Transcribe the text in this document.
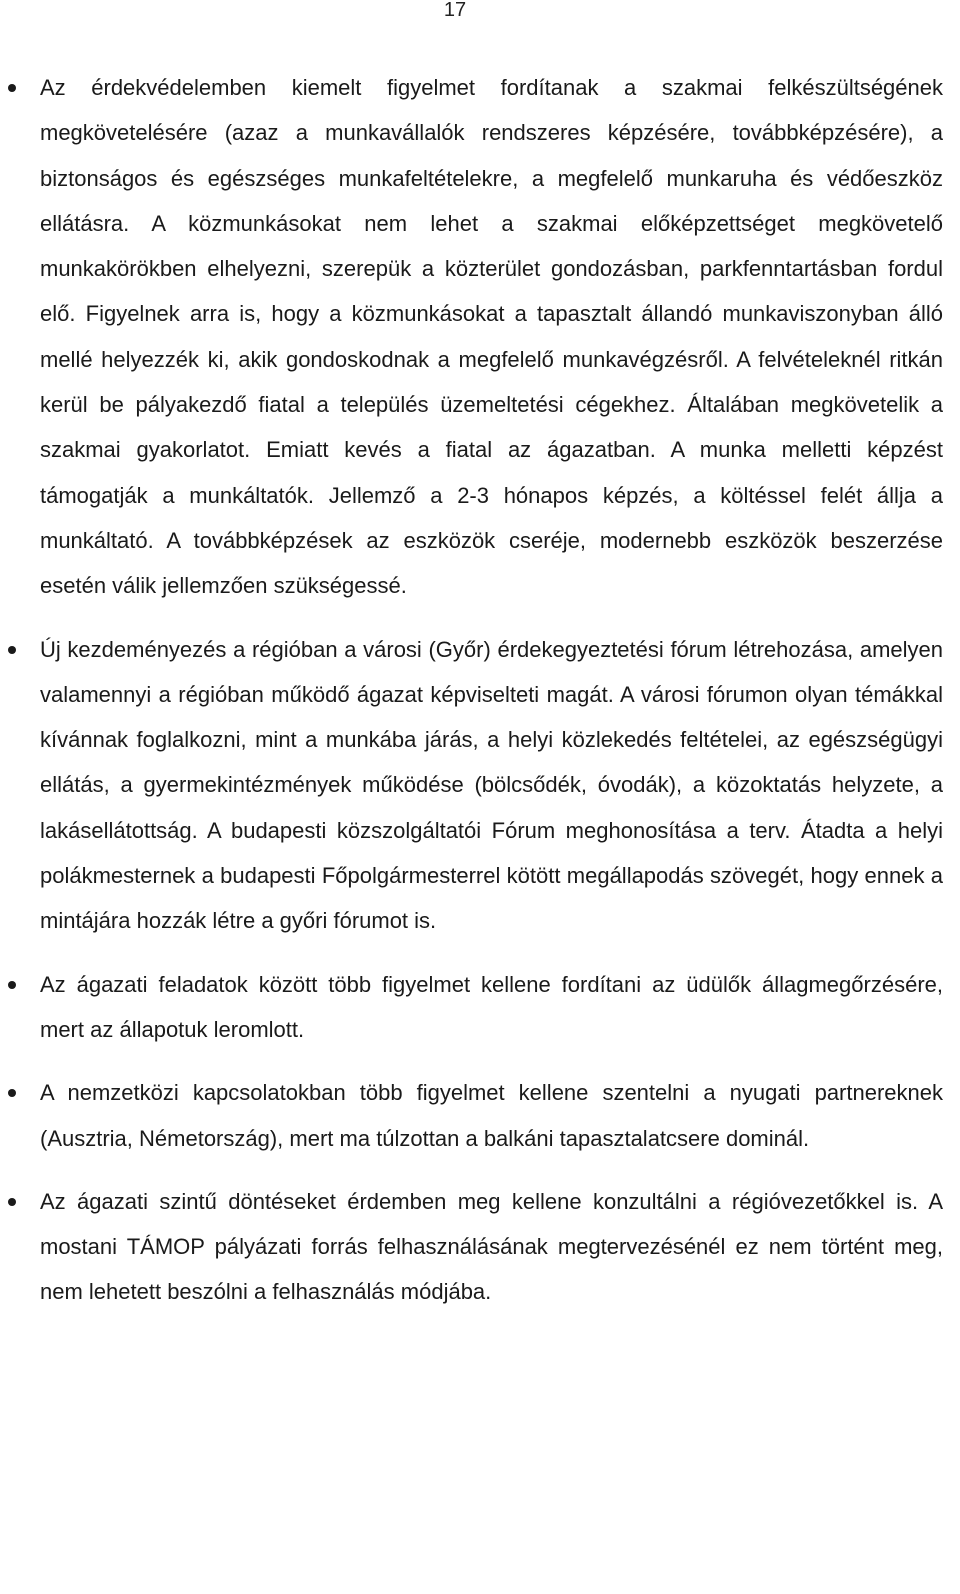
17
Az érdekvédelemben kiemelt figyelmet fordítanak a szakmai felkészültségének megkövetelésére (azaz a munkavállalók rendszeres képzésére, továbbképzésére), a biztonságos és egészséges munkafeltételekre, a megfelelő munkaruha és védőeszköz ellátásra. A közmunkásokat nem lehet a szakmai előképzettséget megkövetelő munkakörökben elhelyezni, szerepük a közterület gondozásban, parkfenntartásban fordul elő. Figyelnek arra is, hogy a közmunkásokat a tapasztalt állandó munkaviszonyban álló mellé helyezzék ki, akik gondoskodnak a megfelelő munkavégzésről. A felvételeknél ritkán kerül be pályakezdő fiatal a település üzemeltetési cégekhez. Általában megkövetelik a szakmai gyakorlatot. Emiatt kevés a fiatal az ágazatban. A munka melletti képzést támogatják a munkáltatók. Jellemző a 2-3 hónapos képzés, a költéssel felét állja a munkáltató. A továbbképzések az eszközök cseréje, modernebb eszközök beszerzése esetén válik jellemzően szükségessé.
Új kezdeményezés a régióban a városi (Győr) érdekegyeztetési fórum létrehozása, amelyen valamennyi a régióban működő ágazat képviselteti magát. A városi fórumon olyan témákkal kívánnak foglalkozni, mint a munkába járás, a helyi közlekedés feltételei, az egészségügyi ellátás, a gyermekintézmények működése (bölcsődék, óvodák), a közoktatás helyzete, a lakásellátottság. A budapesti közszolgáltatói Fórum meghonosítása a terv. Átadta a helyi polákmesternek a budapesti Főpolgármesterrel kötött megállapodás szövegét, hogy ennek a mintájára hozzák létre a győri fórumot is.
Az ágazati feladatok között több figyelmet kellene fordítani az üdülők állagmegőrzésére, mert az állapotuk leromlott.
A nemzetközi kapcsolatokban több figyelmet kellene szentelni a nyugati partnereknek (Ausztria, Németország), mert ma túlzottan a balkáni tapasztalatcsere dominál.
Az ágazati szintű döntéseket érdemben meg kellene konzultálni a régióvezetőkkel is. A mostani TÁMOP pályázati forrás felhasználásának megtervezésénél ez nem történt meg, nem lehetett beszólni a felhasználás módjába.
